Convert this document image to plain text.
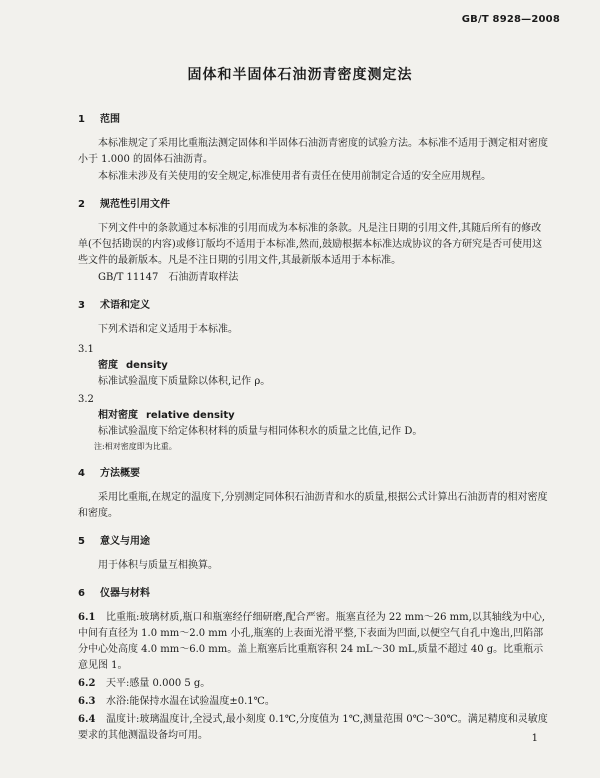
GB/T 8928—2008
固体和半固体石油沥青密度测定法
1 范围

本标准规定了采用比重瓶法测定固体和半固体石油沥青密度的试验方法。本标准不适用于测定相对密度小于 1.000 的固体石油沥青。

本标准未涉及有关使用的安全规定,标准使用者有责任在使用前制定合适的安全应用规程。

2 规范性引用文件

下列文件中的条款通过本标准的引用而成为本标准的条款。凡是注日期的引用文件,其随后所有的修改单(不包括勘误的内容)或修订版均不适用于本标准,然而,鼓励根据本标准达成协议的各方研究是否可使用这些文件的最新版本。凡是不注日期的引用文件,其最新版本适用于本标准。

GB/T 11147　石油沥青取样法

3 术语和定义

下列术语和定义适用于本标准。

3.1
密度 density
标准试验温度下质量除以体积,记作 ρ。
3.2
相对密度 relative density
标准试验温度下给定体积材料的质量与相同体积水的质量之比值,记作 D。
注:相对密度即为比重。
4 方法概要

采用比重瓶,在规定的温度下,分别测定同体积石油沥青和水的质量,根据公式计算出石油沥青的相对密度和密度。

5 意义与用途

用于体积与质量互相换算。

6 仪器与材料
6.1 比重瓶:玻璃材质,瓶口和瓶塞经仔细研磨,配合严密。瓶塞直径为 22 mm～26 mm,以其轴线为中心,中间有直径为 1.0 mm～2.0 mm 小孔,瓶塞的上表面光滑平整,下表面为凹面,以便空气自孔中逸出,凹陷部分中心处高度 4.0 mm～6.0 mm。盖上瓶塞后比重瓶容积 24 mL～30 mL,质量不超过 40 g。比重瓶示意见图 1。
6.2 天平:感量 0.000 5 g。
6.3 水浴:能保持水温在试验温度±0.1℃。
6.4 温度计:玻璃温度计,全浸式,最小刻度 0.1℃,分度值为 1℃,测量范围 0℃～30℃。满足精度和灵敏度要求的其他测温设备均可用。	1
